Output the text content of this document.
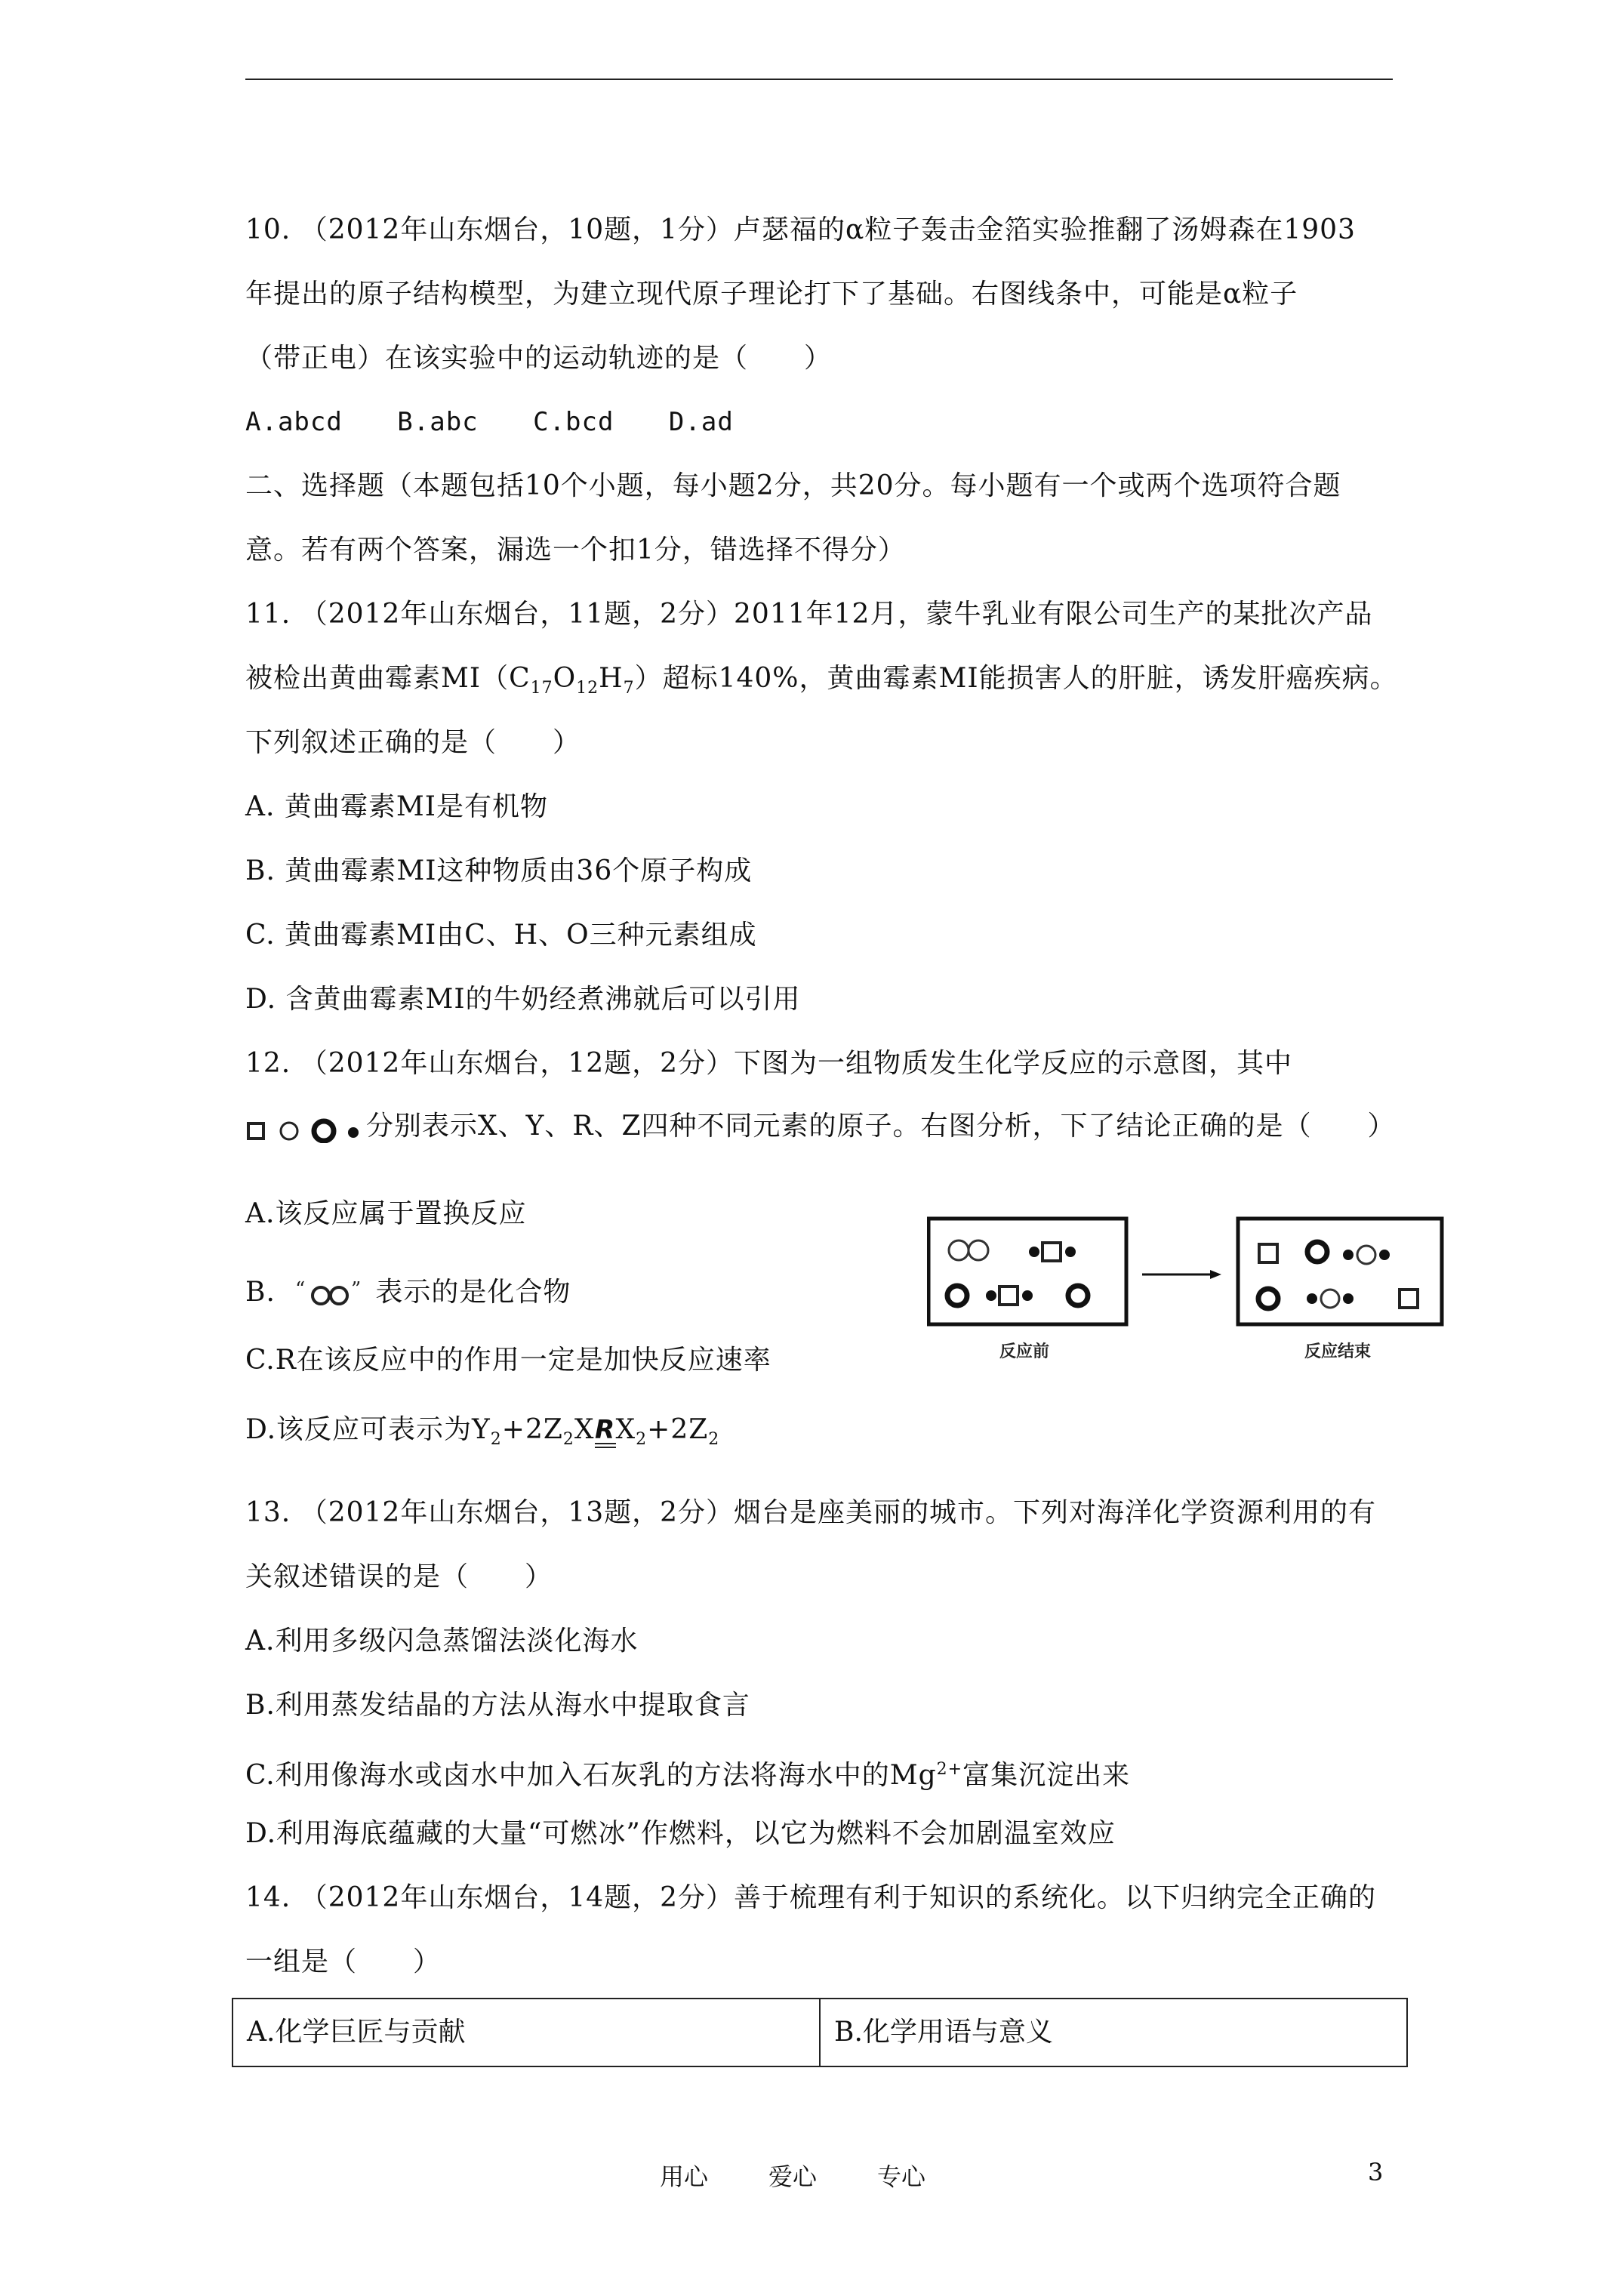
10. （2012年山东烟台，10题，1分）卢瑟福的α粒子轰击金箔实验推翻了汤姆森在1903
年提出的原子结构模型，为建立现代原子理论打下了基础。右图线条中，可能是α粒子
（带正电）在该实验中的运动轨迹的是（　　）
A.abcd B.abc C.bcd D.ad
二、选择题（本题包括10个小题，每小题2分，共20分。每小题有一个或两个选项符合题
意。若有两个答案，漏选一个扣1分，错选择不得分）
11. （2012年山东烟台，11题，2分）2011年12月，蒙牛乳业有限公司生产的某批次产品
被检出黄曲霉素$MI(C_{17}O_{12}H_7)$超标140%，黄曲霉素MI能损害人的肝脏，诱发肝癌疾病。
下列叙述正确的是（　　）
A. 黄曲霉素MI是有机物
B. 黄曲霉素MI这种物质由36个原子构成
C. 黄曲霉素MI由C、H、O三种元素组成
D. 含黄曲霉素MI的牛奶经煮沸就后可以引用
12. （2012年山东烟台，12题，2分）下图为一组物质发生化学反应的示意图，其中
分别表示X、Y、R、Z四种不同元素的原子。右图分析，下了结论正确的是（　　）
A.该反应属于置换反应
B. “ ” 表示的是化合物
C.R在该反应中的作用一定是加快反应速率
D.该反应可表示为$Y_2+2Z_2XR$
$X_2+2Z_2$
反应前	反应结束
13. （2012年山东烟台，13题，2分）烟台是座美丽的城市。下列对海洋化学资源利用的有
关叙述错误的是（　　）
A.利用多级闪急蒸馏法淡化海水
B.利用蒸发结晶的方法从海水中提取食言
C.利用像海水或卤水中加入石灰乳的方法将海水中的$Mg^{2+}$富集沉淀出来
D.利用海底蕴藏的大量“可燃冰”作燃料，以它为燃料不会加剧温室效应
14. （2012年山东烟台，14题，2分）善于梳理有利于知识的系统化。以下归纳完全正确的
一组是（　　）
A.化学巨匠与贡献	B.化学用语与意义
用心 爱心 专心	3
